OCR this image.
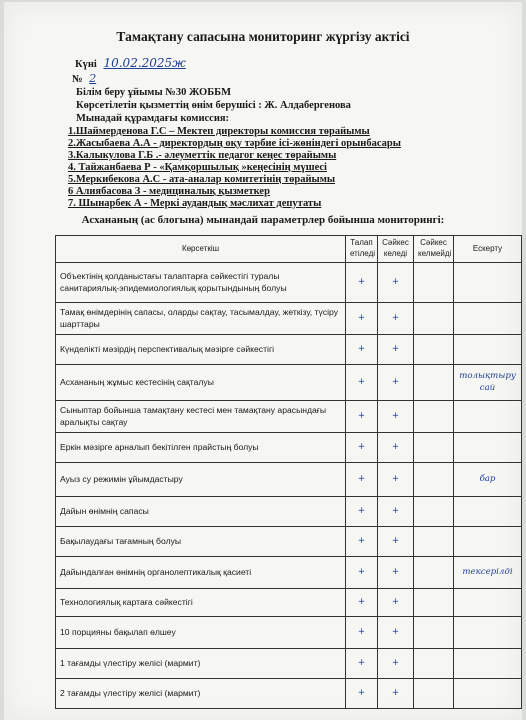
Тамақтану сапасына мониторинг жүргізу актісі
Күні 10.02.2025ж
№ 2
Білім беру ұйымы №30 ЖОББМ
Көрсетілетін қызметтің өнім берушісі : Ж. Алдабергенова
Мынадай құрамдағы комиссия:
1.Шаймерденова Г.С – Мектеп директоры комиссия төрайымы
2.Жасыбаева А.А - директордың оқу тәрбие ісі-жөніндегі орынбасары
3.Калыкулова Г.Б .- әлеуметтік педагог кеңес төрайымы
4. Тайжанбаева Р - «Қамқоршылық »кеңесінің мүшесі
5.Меркибекова А.С - ата-аналар комитетінің төрайымы
6 Алиябасова З - медициналық қызметкер
7. Шынарбек А - Меркі аудандық мәслихат депутаты
Асхананың (ас блогына) мынандай параметрлер бойынша мониторингі:
Көрсеткіш	Талап етіледі	Сәйкес келеді	Сәйкес келмейді	Ескерту
Объектінің қолданыстағы талаптарға сәйкестігі туралы санитариялық-эпидемиологиялық қорытындының болуы	+	+		
Тамақ өнімдерінің сапасы, оларды сақтау, тасымалдау, жеткізу, түсіру шарттары	+	+		
Күнделікті мәзірдің перспективалық мәзірге сәйкестігі	+	+		
Асхананың жұмыс кестесінің сақталуы	+	+		толықтыру сай
Сыныптар бойынша тамақтану кестесі мен тамақтану арасындағы аралықты сақтау	+	+		
Еркін мәзірге арналып бекітілген прайстың болуы	+	+		
Ауыз су режимін ұйымдастыру	+	+		бар
Дайын өнімнің сапасы	+	+		
Бақылаудағы тағамның болуы	+	+		
Дайындалған өнімнің органолептикалық қасиеті	+	+		тексерілді
Технологиялық картаға сәйкестігі	+	+		
10 порцияны бақылап өлшеу	+	+		
1 тағамды үлестіру желісі (мармит)	+	+		
2 тағамды үлестіру желісі (мармит)	+	+		
